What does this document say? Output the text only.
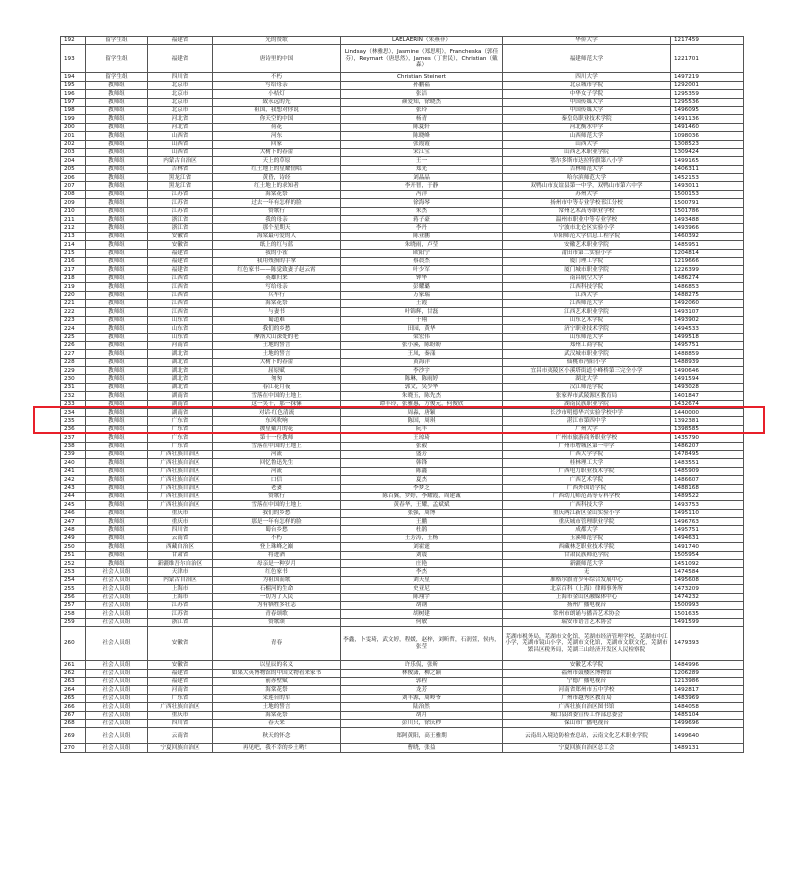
192	留学生组	福建省	光的赞歌	LAELAERIN（朱燕菲）	华侨大学	1217459
193	留学生组	福建省	唐诗里的中国	Lindsay（林雅思），Jasmine（郑思明），Francheska（郭佳芬），Reymart（唐思然），James（丁世民），Christian（戴森）	福建师范大学	1221701
194	留学生组	四川省	不朽	Christian Steinert	四川大学	1497219
195	教师组	北京市	写给母亲	孙鹏福	北京城市学院	1292001
196	教师组	北京市	小桔灯	张洁	中华女子学院	1295359
197	教师组	北京市	致永远的光	颜爱知，徐晓杰	中国传媒大学	1295536
198	教师组	北京市	祖国，我想对你说	张玲	中国传媒大学	1496095
199	教师组	河北省	你天空的中国	杨青	秦皇岛职业技术学院	1491136
200	教师组	河北省	荷花	陈夏轩	河北衡水中学	1491460
201	教师组	山西省	河东	陈晓峰	山西师范大学	1098036
202	教师组	山西省	回家	张霞霞	山西大学	1308523
203	教师组	山西省	大树下的春蕾	宋江宝	山西艺术职业学院	1309424
204	教师组	内蒙古自治区	天上的草原	王一	鄂尔多斯市达拉特旗第八小学	1499165
205	教师组	吉林省	红土地上的星耀情唱	郑光	吉林师范大学	1406311
206	教师组	黑龙江省	黄昏，诗经	刘晶晶	哈尔滨师范大学	1452153
207	教师组	黑龙江省	红土地上的求知者	李开智，于静	双鸭山市友谊县第一中学，双鸭山市第六中学	1493011
208	教师组	江苏省	海棠花祭	冯洋	苏州大学	1500153
209	教师组	江苏省	过去一年有怎样的脸	徐海琴	扬州市中等专业学校邗江分校	1500791
210	教师组	江苏省	赞歌行	朱杰	常州艺术高等职业学校	1501786
211	教师组	浙江省	我的母亲	蒋子豪	温州市职业中等专业学校	1493488
212	教师组	浙江省	那个星期天	李丹	宁波市北仑区实验小学	1493966
213	教师组	安徽省	海棠最可爱的人	陈亚鹏	阜阳师范大学信息工程学院	1460392
214	教师组	安徽省	纸上的红与蓝	朱晓雨，卢莹	安徽艺术职业学院	1485951
215	教师组	福建省	我的小雀	欧阳宁	莆田市第二实验小学	1204814
216	教师组	福建省	我用残损的手掌	蔡晨杰	厦门理工学院	1219666
217	教师组	福建省	红色家书——陈觉致妻子赵云霄	叶少军	厦门城市职业学院	1226399
218	教师组	江西省	英雄归来	钟华	南昌航空大学	1486274
219	教师组	江西省	写给母亲	彭耀璐	江西科技学院	1486853
220	教师组	江西省	兵车行	万家瑞	江西大学	1488275
221	教师组	江西省	海棠花祭	王霞	江西师范大学	1492060
222	教师组	江西省	与妻书	叶锦辉，甘磊	江西艺术职业学院	1493107
223	教师组	山东省	蜀道难	于翔	山东艺术学院	1493902
224	教师组	山东省	我们的乡愁	田园，黄华	济宁职业技术学院	1494533
225	教师组	山东省	摩洛大山深处的老	梁宏伟	山东师范大学	1499518
226	教师组	河南省	土地的誓言	张小溪，陈盼盼	郑州工商学院	1495751
227	教师组	湖北省	土地的誓言	王凤，秦漾	武汉城市职业学院	1488859
228	教师组	湖北省	大树下的春蕾	黄海洋	仙桃市沔阳小学	1488939
229	教师组	湖北省	屈原赋	李沙宇	宜昌市夷陵区小溪塔街道小峰桥第三完全小学	1490646
230	教师组	湖北省	匆匆	陈琳，陈雨婷	湖北大学	1491594
231	教师组	湖北省	春江花月夜	郭文，吴少华	汉江师范学院	1493028
232	教师组	湖南省	雪落在中国的土地上	朱晓玉，陈先杰	张家界市武陵源区教育局	1401847
233	教师组	湖南省	这一笑千，那一抹愫	谭丰玲，张雅惠，方俊元，何俊欣	湖南民族职业学院	1432674
234	教师组	湖南省	对话·红色清流	周淼，唐颖	长沙市明德华兴实验学校中学	1440000
235	教师组	广东省	东风吹响	陈国，周琪	湛江市第四中学	1392381
236	教师组	广东省	披星戴月的花	阮丰	广州大学	1398585
237	教师组	广东省	第十一位教师	王琼琦	广州市旅游商务职业学校	1435790
238	教师组	广东省	雪落在中国的土地上	张毅	广州市增城区第一中学	1486207
239	教师组	广西壮族自治区	河流	盛芳	广西大学学院	1478495
240	教师组	广西壮族自治区	回忆鲁迅先生	韩锋	桂林理工大学	1483551
241	教师组	广西壮族自治区	河流	陈鑫	广西电力职业技术学院	1485909
242	教师组	广西壮族自治区	口信	夏杰	广西艺术学院	1486607
243	教师组	广西壮族自治区	老妻	李梦芝	广西外国语学院	1488168
244	教师组	广西壮族自治区	赞歌行	陈百翼，罗婷，李耀霞，周建诚	广西幼儿师范高等专科学校	1489522
245	教师组	广西壮族自治区	雪落在中国的土地上	黄春华，王耀，孟斌斌	广西科技大学	1493753
246	教师组	重庆市	我们的乡愁	张强，周博	重庆两江新区金山实验小学	1495110
247	教师组	重庆市	那是一年有怎样的脸	王鹏	重庆城市管理职业学院	1496763
248	教师组	四川省	蜀台乡愁	杜鹃	成都大学	1495751
249	教师组	云南省	不朽	王芳涛，王杨	玉溪师范学院	1494631
250	教师组	西藏自治区	登上珠峰之巅	刘霍霆	西藏林芝职业技术学院	1491740
251	教师组	甘肃省	将进酒	刘震	甘肃民族师范学院	1505954
252	教师组	新疆维吾尔自治区	母亲是一种岁月	庄艳	新疆师范大学	1451092
253	社会人员组	天津市	红色家书	李杰	无	1474584
254	社会人员组	内蒙古自治区	为祖国而歌	刘天星	准格尔旗青少年综合发展中心	1495608
255	社会人员组	上海市	石榴河的生命	史亚尼	北京百科（上海）律师事务所	1473209
256	社会人员组	上海市	一切为了人民	陈翔宇	上海市金山区融媒体中心	1474232
257	社会人员组	江苏省	为有牺牲多壮志	胡钢	扬州广播电视台	1500993
258	社会人员组	江苏省	青春颂歌	胡树建	常州市朗诵与播音艺术协会	1501635
259	社会人员组	浙江省	赞歌颂	何敏	瑞安市语言艺术协会	1491599
260	社会人员组	安徽省	青春	李鑫，卜雯琦，武文婷，程媛，赵梓，刘昕哲，石润萱，侯冉，张莹	芜湖市税务局，芜湖市文化馆，芜湖市经济管理学校，芜湖市中江小学，芜湖市镜山小学，芜湖市文化馆，芜湖市文联文化，芜湖市繁昌区税务局，芜湖三山经济开发区人民检察院	1479393
261	社会人员组	安徽省	以星辰的名义	许乐侃，张昕	安徽艺术学院	1484996
262	社会人员组	福建省	如果大英博物馆的中国文物看来家书	林俊潇，柳之颖	福州市鼓楼区博物馆	1206289
263	社会人员组	福建省	前赤壁赋	郭程	宁德广播电视台	1213986
264	社会人员组	河南省	海棠花祭	龙芳	河南省郑州市五中学校	1492817
265	社会人员组	广东省	采莲台的军	刘丰源，周岭爷	广州市越秀区教育局	1483969
266	社会人员组	广西壮族自治区	土地的誓言	陆治然	广西壮族自治区图书馆	1484058
267	社会人员组	重庆市	海棠花祭	胡月	城口县团委宣传工作部总委会	1485104
268	社会人员组	四川省	春天来	彭川只，徐庆秒	保山市广播电视台	1499696
269	社会人员组	云南省	秋天的怀念	郑阿黄阳，高王雅期	云南出入境边防检查总站，云南文化艺术职业学院	1499640
270	社会人员组	宁夏回族自治区	再见吧，我不幸的乡土哟！	曹晓，张益	宁夏回族自治区总工会	1489131
